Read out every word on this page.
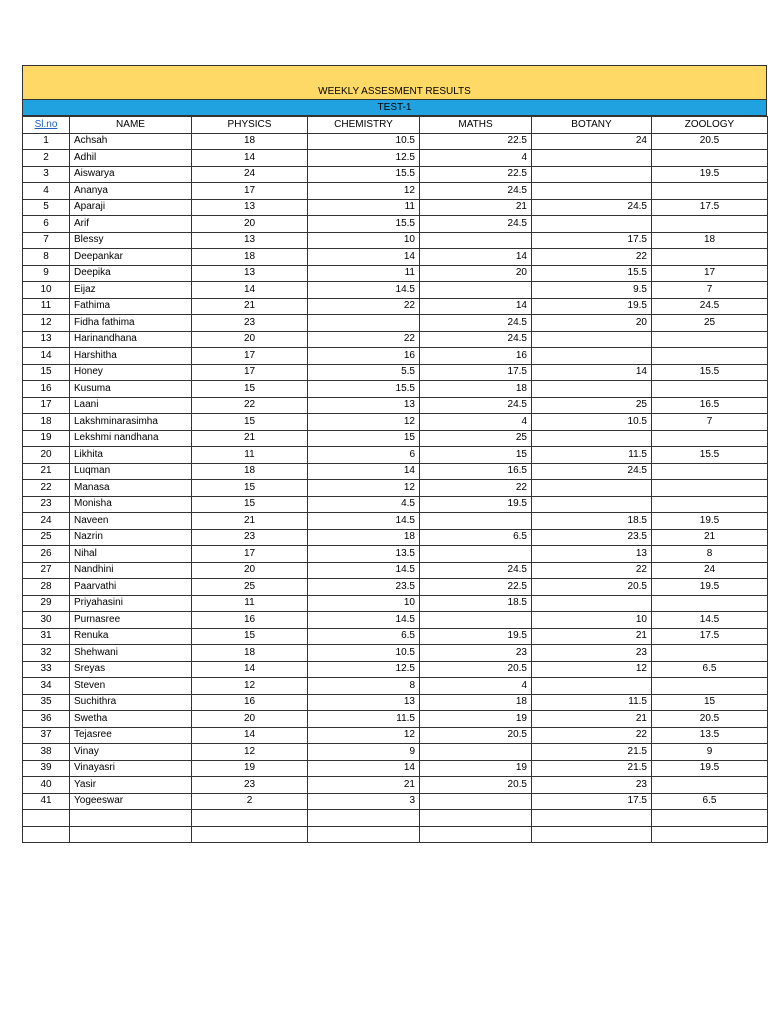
WEEKLY ASSESMENT RESULTS
TEST-1
Sl.no	NAME	PHYSICS	CHEMISTRY	MATHS	BOTANY	ZOOLOGY
1	Achsah	18	10.5	22.5	24	20.5
2	Adhil	14	12.5	4		
3	Aiswarya	24	15.5	22.5		19.5
4	Ananya	17	12	24.5		
5	Aparaji	13	11	21	24.5	17.5
6	Arif	20	15.5	24.5		
7	Blessy	13	10		17.5	18
8	Deepankar	18	14	14	22	
9	Deepika	13	11	20	15.5	17
10	Eijaz	14	14.5		9.5	7
11	Fathima	21	22	14	19.5	24.5
12	Fidha fathima	23		24.5	20	25
13	Harinandhana	20	22	24.5		
14	Harshitha	17	16	16		
15	Honey	17	5.5	17.5	14	15.5
16	Kusuma	15	15.5	18		
17	Laani	22	13	24.5	25	16.5
18	Lakshminarasimha	15	12	4	10.5	7
19	Lekshmi nandhana	21	15	25		
20	Likhita	11	6	15	11.5	15.5
21	Luqman	18	14	16.5	24.5	
22	Manasa	15	12	22		
23	Monisha	15	4.5	19.5		
24	Naveen	21	14.5		18.5	19.5
25	Nazrin	23	18	6.5	23.5	21
26	Nihal	17	13.5		13	8
27	Nandhini	20	14.5	24.5	22	24
28	Paarvathi	25	23.5	22.5	20.5	19.5
29	Priyahasini	11	10	18.5		
30	Purnasree	16	14.5		10	14.5
31	Renuka	15	6.5	19.5	21	17.5
32	Shehwani	18	10.5	23	23	
33	Sreyas	14	12.5	20.5	12	6.5
34	Steven	12	8	4		
35	Suchithra	16	13	18	11.5	15
36	Swetha	20	11.5	19	21	20.5
37	Tejasree	14	12	20.5	22	13.5
38	Vinay	12	9		21.5	9
39	Vinayasri	19	14	19	21.5	19.5
40	Yasir	23	21	20.5	23	
41	Yogeeswar	2	3		17.5	6.5
